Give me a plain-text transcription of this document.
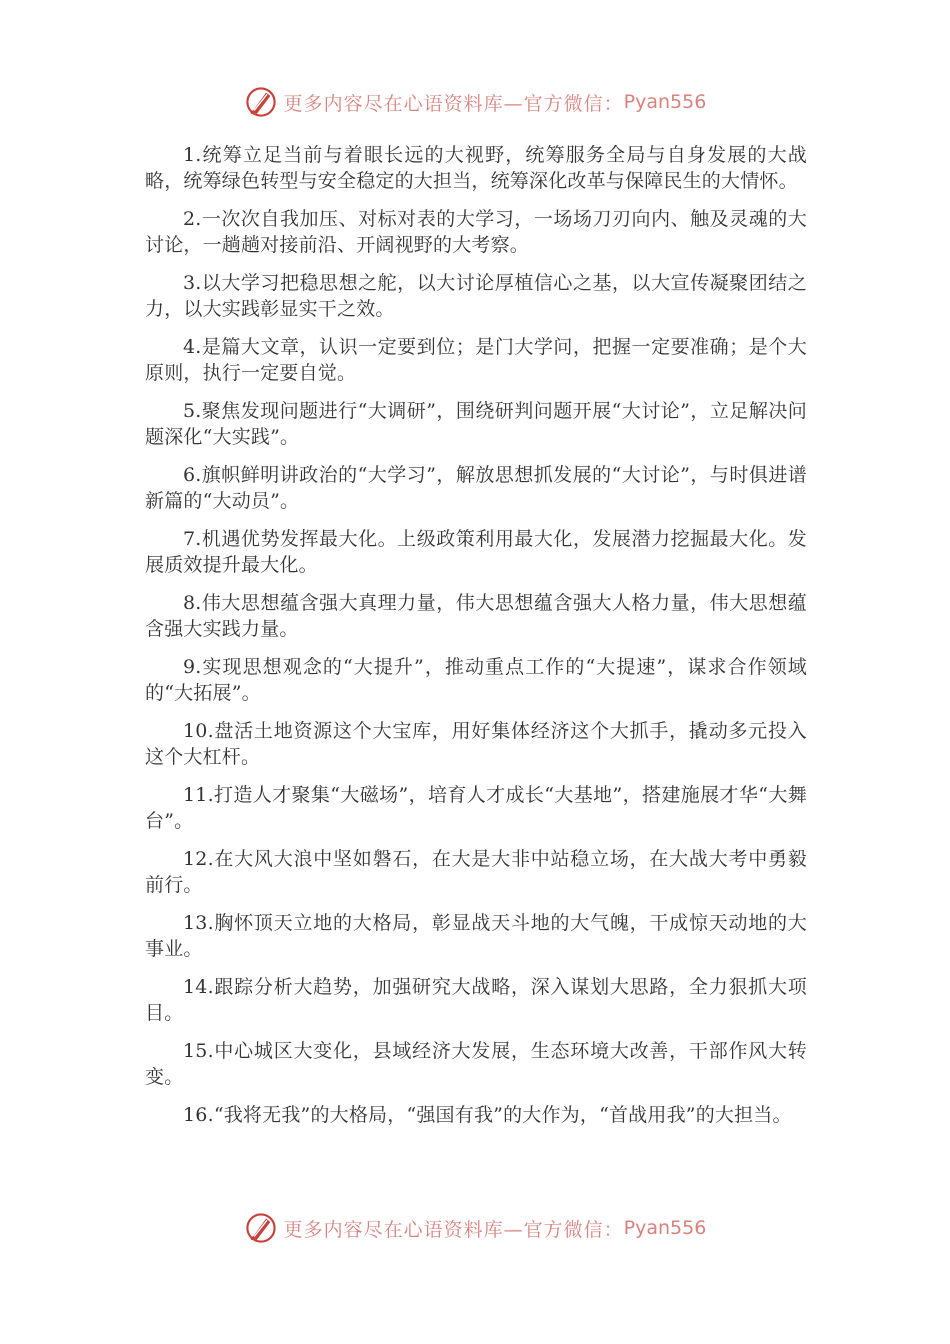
更多内容尽在心语资料库—官方微信： Pyan556

1.统筹立足当前与着眼长远的大视野，统筹服务全局与自身发展的大战略，统筹绿色转型与安全稳定的大担当，统筹深化改革与保障民生的大情怀。

2.一次次自我加压、对标对表的大学习，一场场刀刃向内、触及灵魂的大讨论，一趟趟对接前沿、开阔视野的大考察。

3.以大学习把稳思想之舵，以大讨论厚植信心之基，以大宣传凝聚团结之力，以大实践彰显实干之效。

4.是篇大文章，认识一定要到位；是门大学问，把握一定要准确；是个大原则，执行一定要自觉。

5.聚焦发现问题进行“大调研”，围绕研判问题开展“大讨论”，立足解决问题深化“大实践”。

6.旗帜鲜明讲政治的“大学习”，解放思想抓发展的“大讨论”，与时俱进谱新篇的“大动员”。

7.机遇优势发挥最大化。上级政策利用最大化，发展潜力挖掘最大化。发展质效提升最大化。

8.伟大思想蕴含强大真理力量，伟大思想蕴含强大人格力量，伟大思想蕴含强大实践力量。

9.实现思想观念的“大提升”，推动重点工作的“大提速”，谋求合作领域的“大拓展”。

10.盘活土地资源这个大宝库，用好集体经济这个大抓手，撬动多元投入这个大杠杆。

11.打造人才聚集“大磁场”，培育人才成长“大基地”，搭建施展才华“大舞台”。

12.在大风大浪中坚如磐石，在大是大非中站稳立场，在大战大考中勇毅前行。

13.胸怀顶天立地的大格局，彰显战天斗地的大气魄，干成惊天动地的大事业。

14.跟踪分析大趋势，加强研究大战略，深入谋划大思路，全力狠抓大项目。

15.中心城区大变化，县域经济大发展，生态环境大改善，干部作风大转变。

16.“我将无我”的大格局，“强国有我”的大作为，“首战用我”的大担当。

更多内容尽在心语资料库—官方微信： Pyan556
